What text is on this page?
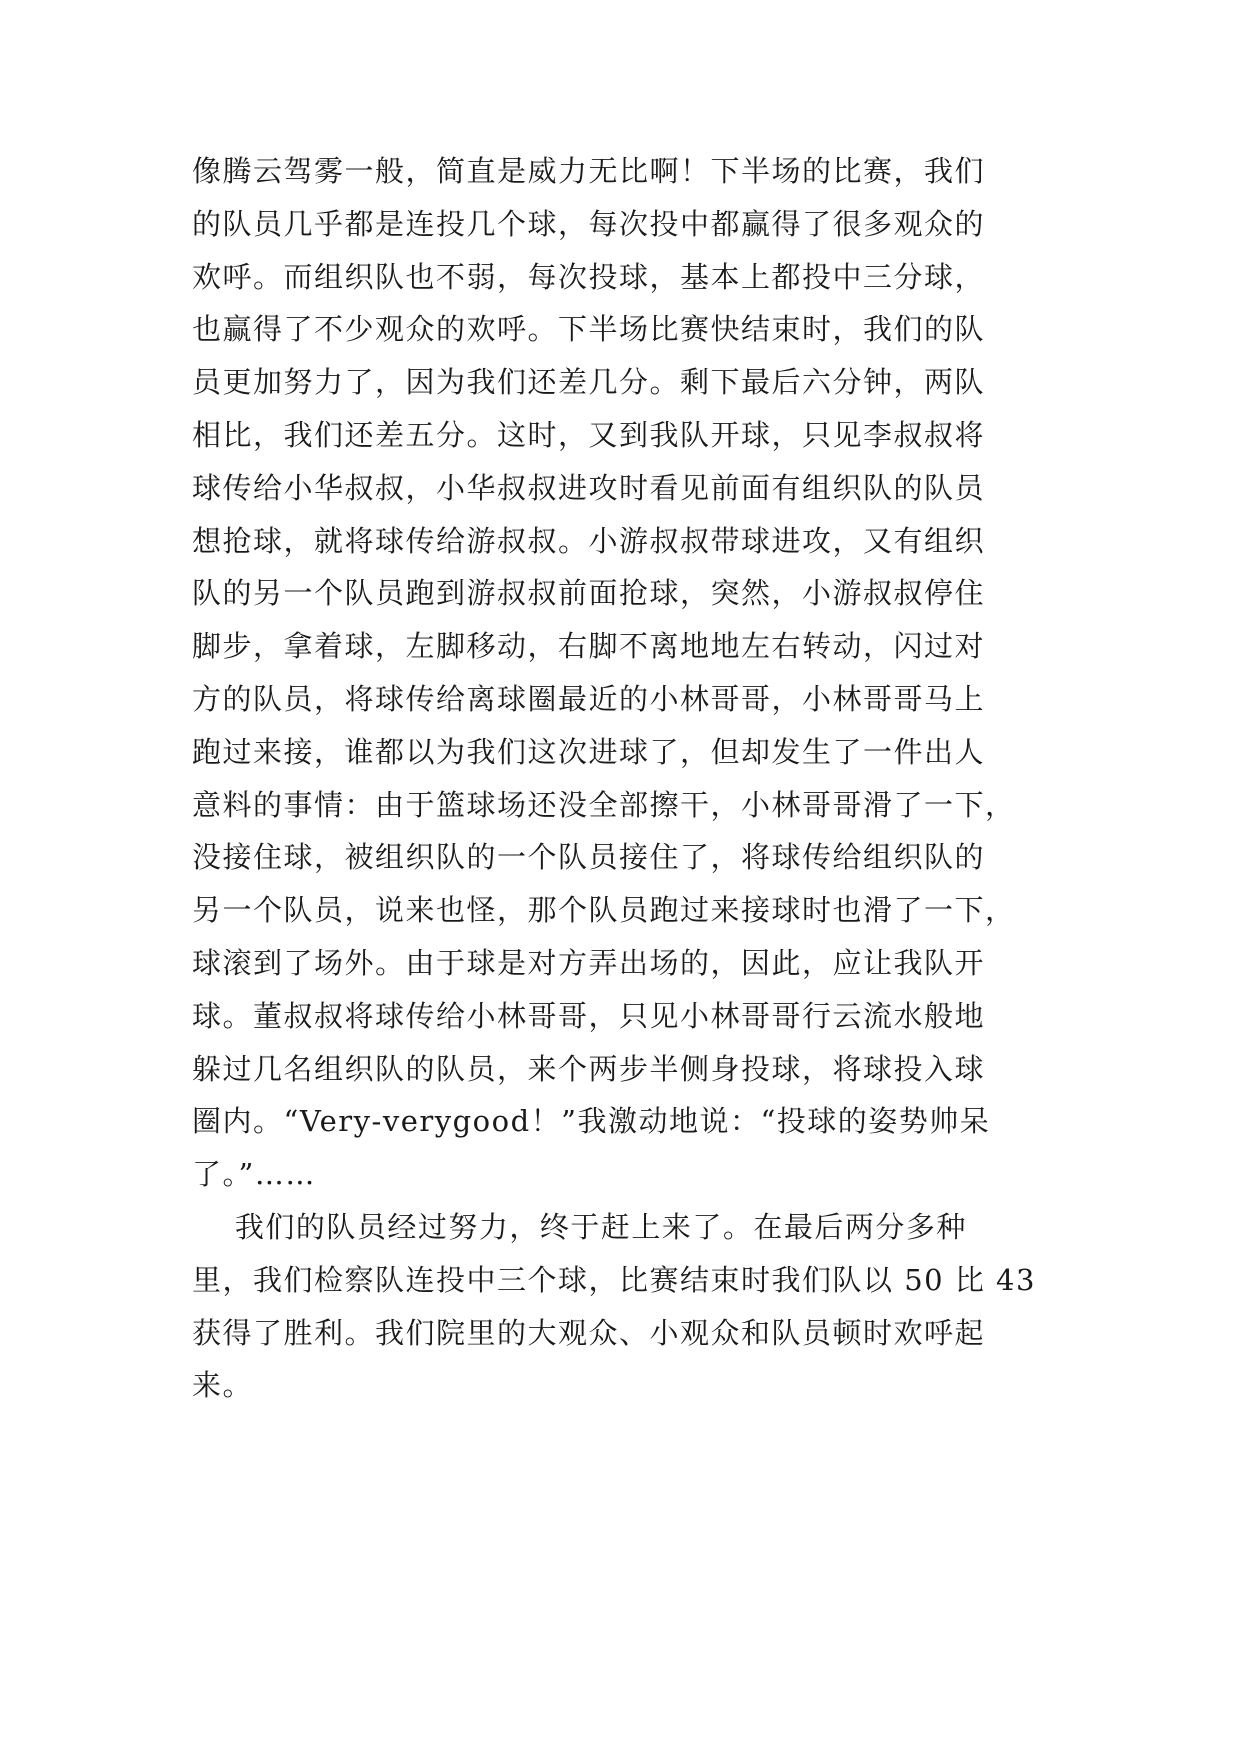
像腾云驾雾一般，简直是威力无比啊！下半场的比赛，我们
的队员几乎都是连投几个球，每次投中都赢得了很多观众的
欢呼。而组织队也不弱，每次投球，基本上都投中三分球，
也赢得了不少观众的欢呼。下半场比赛快结束时，我们的队
员更加努力了，因为我们还差几分。剩下最后六分钟，两队
相比，我们还差五分。这时，又到我队开球，只见李叔叔将
球传给小华叔叔，小华叔叔进攻时看见前面有组织队的队员
想抢球，就将球传给游叔叔。小游叔叔带球进攻，又有组织
队的另一个队员跑到游叔叔前面抢球，突然，小游叔叔停住
脚步，拿着球，左脚移动，右脚不离地地左右转动，闪过对
方的队员，将球传给离球圈最近的小林哥哥，小林哥哥马上
跑过来接，谁都以为我们这次进球了，但却发生了一件出人
意料的事情：由于篮球场还没全部擦干，小林哥哥滑了一下，
没接住球，被组织队的一个队员接住了，将球传给组织队的
另一个队员，说来也怪，那个队员跑过来接球时也滑了一下，
球滚到了场外。由于球是对方弄出场的，因此，应让我队开
球。董叔叔将球传给小林哥哥，只见小林哥哥行云流水般地
躲过几名组织队的队员，来个两步半侧身投球，将球投入球
圈内。“Very-verygood！”我激动地说：“投球的姿势帅呆
了。”……
我们的队员经过努力，终于赶上来了。在最后两分多种
里，我们检察队连投中三个球，比赛结束时我们队以 50 比 43
获得了胜利。我们院里的大观众、小观众和队员顿时欢呼起
来。
